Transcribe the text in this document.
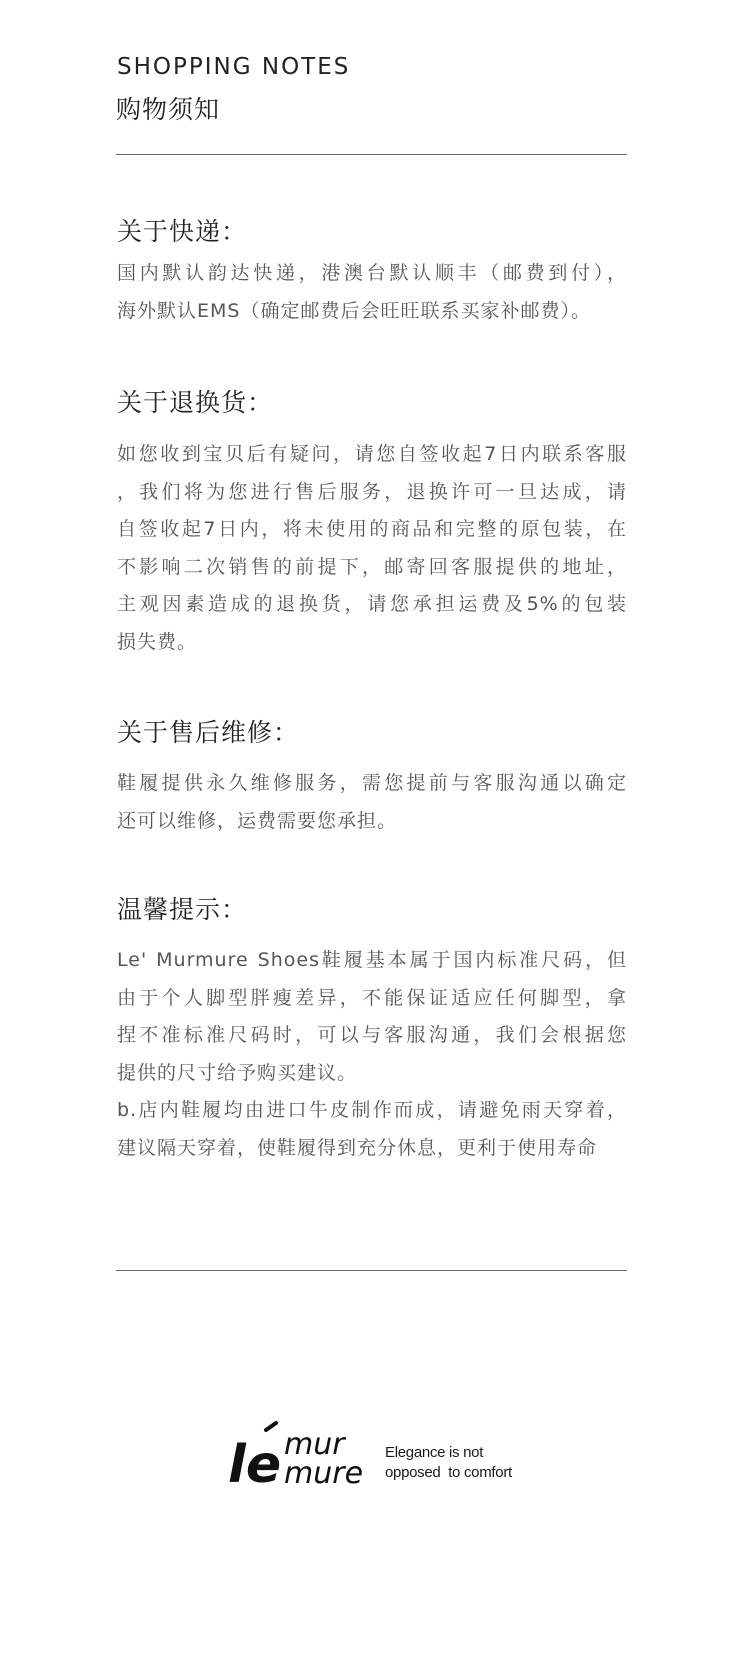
SHOPPING NOTES
购物须知
关于快递：
国内默认韵达快递，港澳台默认顺丰（邮费到付），
海外默认EMS（确定邮费后会旺旺联系买家补邮费）。
关于退换货：
如您收到宝贝后有疑问，请您自签收起7日内联系客服
，我们将为您进行售后服务，退换许可一旦达成，请
自签收起7日内，将未使用的商品和完整的原包装，在
不影响二次销售的前提下，邮寄回客服提供的地址，
主观因素造成的退换货，请您承担运费及5%的包装
损失费。
关于售后维修：
鞋履提供永久维修服务，需您提前与客服沟通以确定
还可以维修，运费需要您承担。
温馨提示：
Le' Murmure Shoes鞋履基本属于国内标准尺码，但
由于个人脚型胖瘦差异，不能保证适应任何脚型，拿
捏不准标准尺码时，可以与客服沟通，我们会根据您
提供的尺寸给予购买建议。
b.店内鞋履均由进口牛皮制作而成，请避免雨天穿着，
建议隔天穿着，使鞋履得到充分休息，更利于使用寿命
le mur
mure
Elegance is not
opposed  to comfort
